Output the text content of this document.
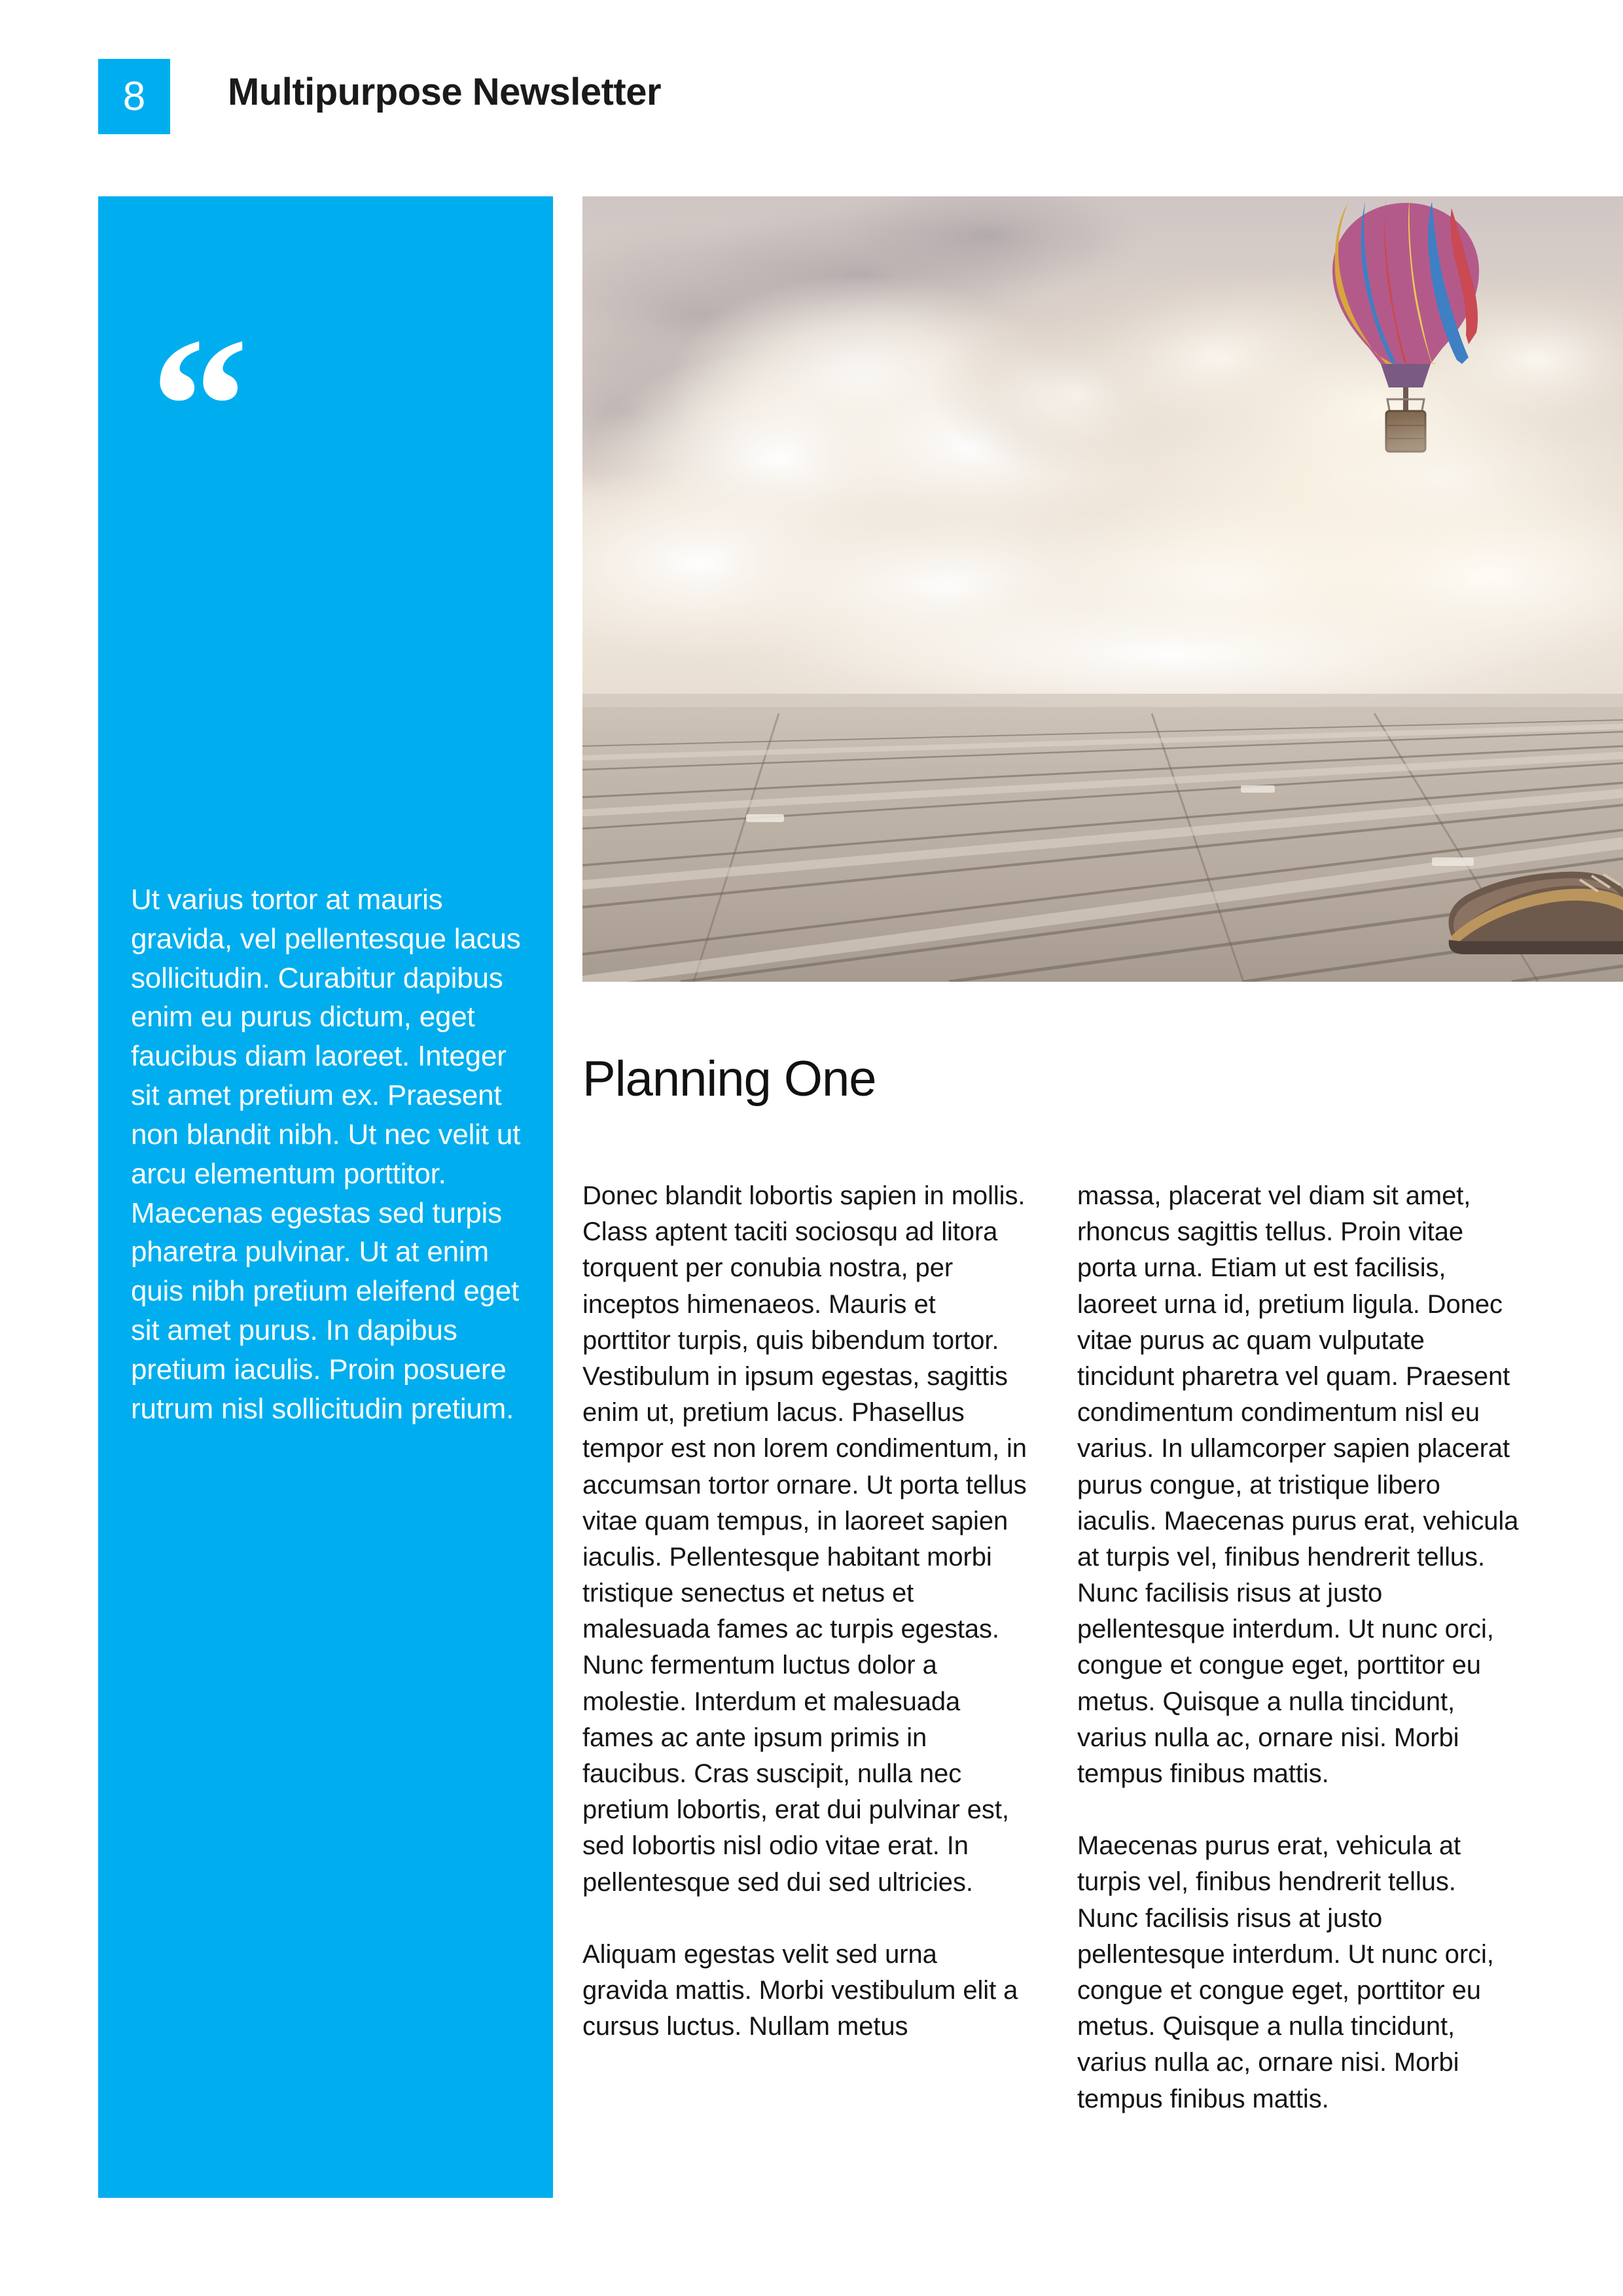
8 Multipurpose Newsletter
“
Ut varius tortor at mauris gravida, vel pellentesque lacus sollicitudin. Curabitur dapibus enim eu purus dictum, eget faucibus diam laoreet. Integer sit amet pretium ex. Praesent non blandit nibh. Ut nec velit ut arcu elementum porttitor. Maecenas egestas sed turpis pharetra pulvinar. Ut at enim quis nibh pretium eleifend eget sit amet purus. In dapibus pretium iaculis. Proin posuere rutrum nisl sollicitudin pretium.
Planning One

Donec blandit lobortis sapien in mollis. Class aptent taciti sociosqu ad litora torquent per conubia nostra, per inceptos himenaeos. Mauris et porttitor turpis, quis bibendum tortor. Vestibulum in ipsum egestas, sagittis enim ut, pretium lacus. Phasellus tempor est non lorem condimentum, in accumsan tortor ornare. Ut porta tellus vitae quam tempus, in laoreet sapien iaculis. Pellentesque habitant morbi tristique senectus et netus et malesuada fames ac turpis egestas. Nunc fermentum luctus dolor a molestie. Interdum et malesuada fames ac ante ipsum primis in faucibus. Cras suscipit, nulla nec pretium lobortis, erat dui pulvinar est, sed lobortis nisl odio vitae erat. In pellentesque sed dui sed ultricies.

Aliquam egestas velit sed urna gravida mattis. Morbi vestibulum elit a cursus luctus. Nullam metus

massa, placerat vel diam sit amet, rhoncus sagittis tellus. Proin vitae porta urna. Etiam ut est facilisis, laoreet urna id, pretium ligula. Donec vitae purus ac quam vulputate tincidunt pharetra vel quam. Praesent condimentum condimentum nisl eu varius. In ullamcorper sapien placerat purus congue, at tristique libero iaculis. Maecenas purus erat, vehicula at turpis vel, finibus hendrerit tellus. Nunc facilisis risus at justo pellentesque interdum. Ut nunc orci, congue et congue eget, porttitor eu metus. Quisque a nulla tincidunt, varius nulla ac, ornare nisi. Morbi tempus finibus mattis.

Maecenas purus erat, vehicula at turpis vel, finibus hendrerit tellus. Nunc facilisis risus at justo pellentesque interdum. Ut nunc orci, congue et congue eget, porttitor eu metus. Quisque a nulla tincidunt, varius nulla ac, ornare nisi. Morbi tempus finibus mattis.
